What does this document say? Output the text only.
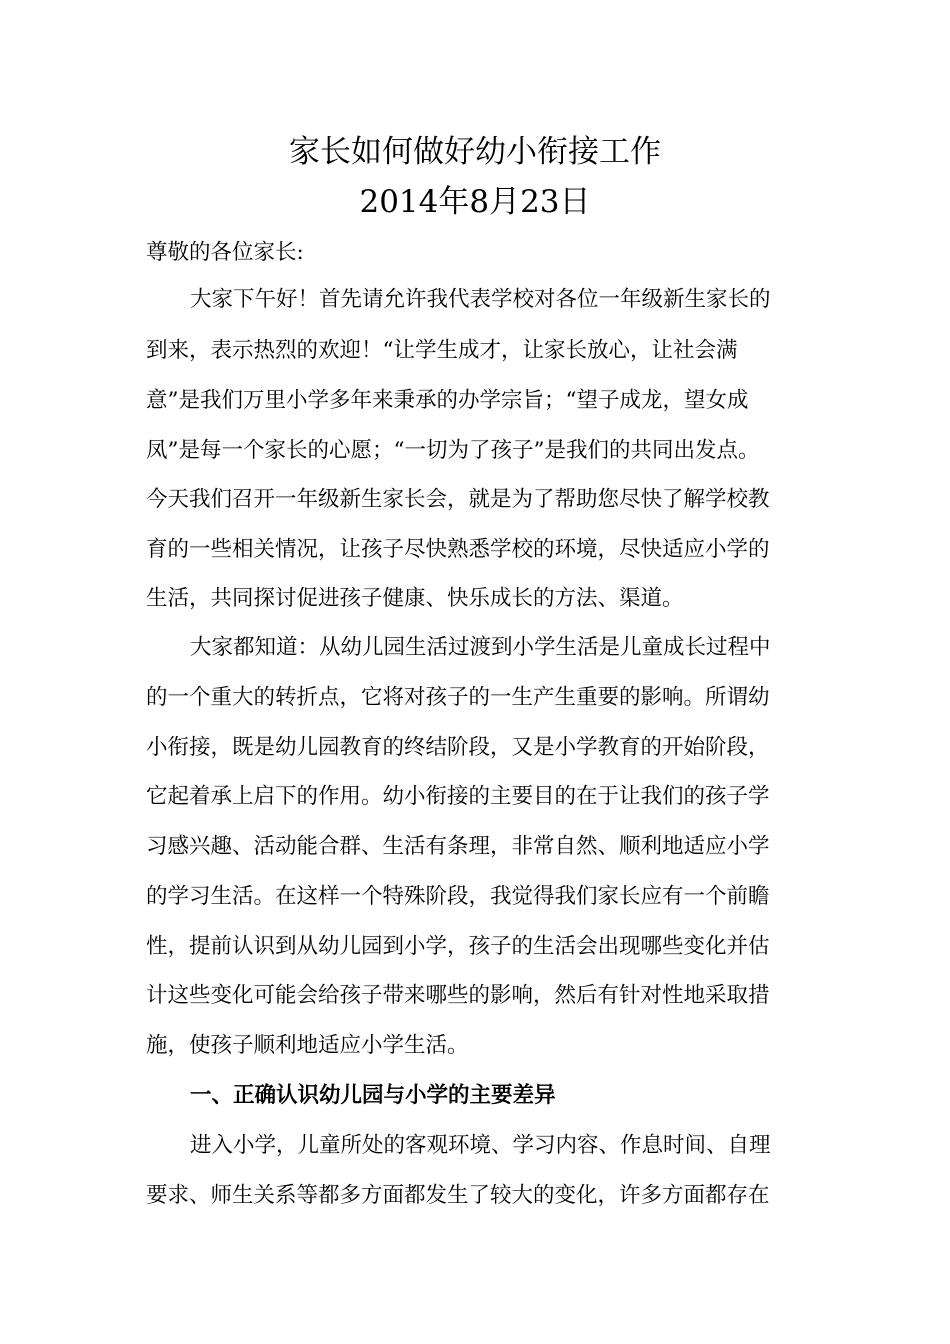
家长如何做好幼小衔接工作
2014年8月23日

尊敬的各位家长:

大家下午好！首先请允许我代表学校对各位一年级新生家长的

到来，表示热烈的欢迎！“让学生成才，让家长放心，让社会满

意”是我们万里小学多年来秉承的办学宗旨；“望子成龙，望女成

凤”是每一个家长的心愿；“一切为了孩子”是我们的共同出发点。

今天我们召开一年级新生家长会，就是为了帮助您尽快了解学校教

育的一些相关情况，让孩子尽快熟悉学校的环境，尽快适应小学的

生活，共同探讨促进孩子健康、快乐成长的方法、渠道。

大家都知道：从幼儿园生活过渡到小学生活是儿童成长过程中

的一个重大的转折点，它将对孩子的一生产生重要的影响。所谓幼

小衔接，既是幼儿园教育的终结阶段，又是小学教育的开始阶段，

它起着承上启下的作用。幼小衔接的主要目的在于让我们的孩子学

习感兴趣、活动能合群、生活有条理，非常自然、顺利地适应小学

的学习生活。在这样一个特殊阶段，我觉得我们家长应有一个前瞻

性，提前认识到从幼儿园到小学，孩子的生活会出现哪些变化并估

计这些变化可能会给孩子带来哪些的影响，然后有针对性地采取措

施，使孩子顺利地适应小学生活。

一、正确认识幼儿园与小学的主要差异

进入小学，儿童所处的客观环境、学习内容、作息时间、自理

要求、师生关系等都多方面都发生了较大的变化，许多方面都存在
